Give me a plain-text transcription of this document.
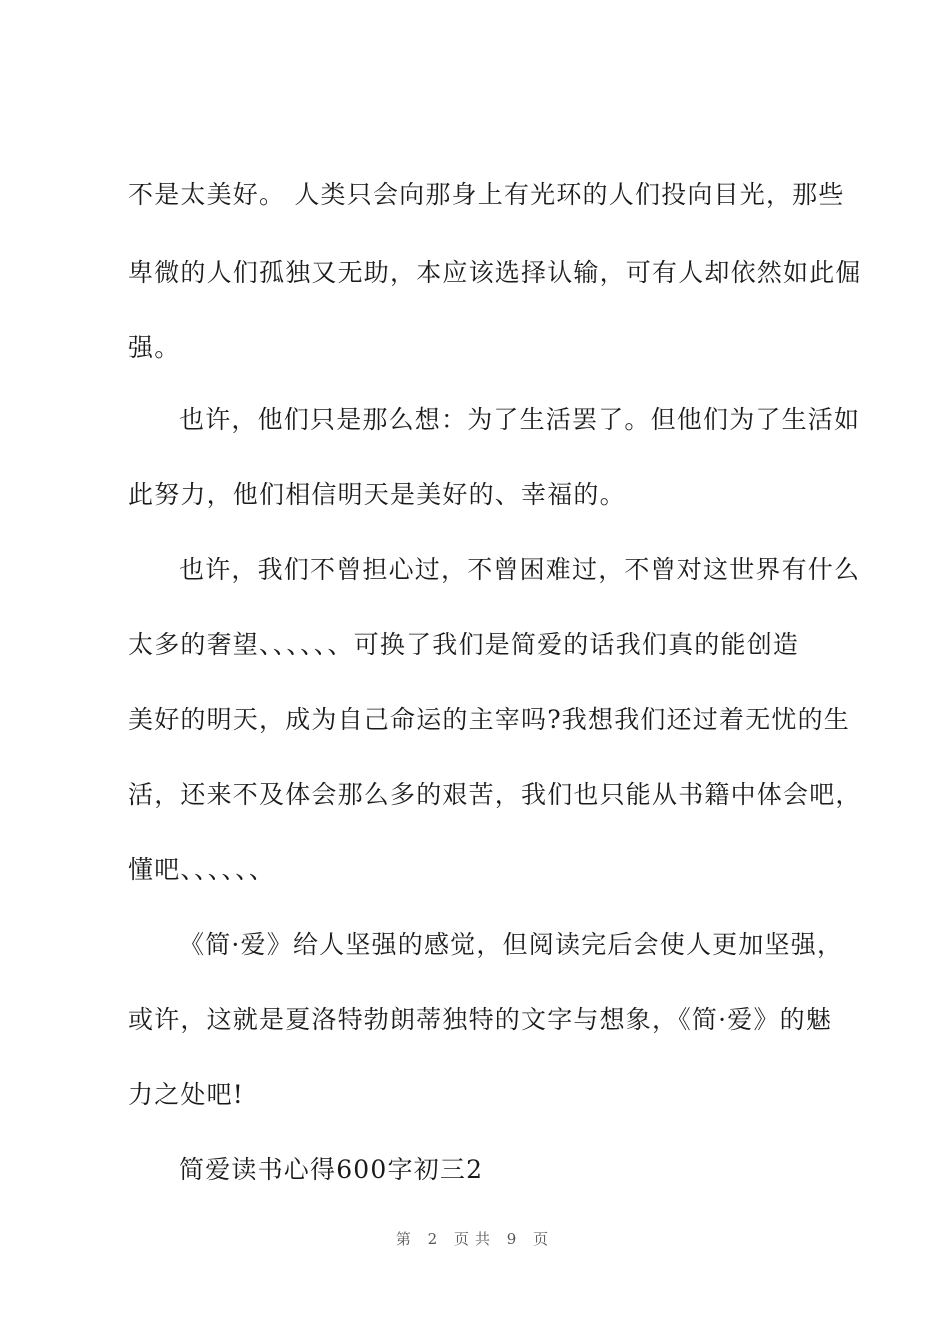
不是太美好。 人类只会向那身上有光环的人们投向目光，那些
卑微的人们孤独又无助，本应该选择认输，可有人却依然如此倔
强。
也许，他们只是那么想：为了生活罢了。但他们为了生活如
此努力，他们相信明天是美好的、幸福的。
也许，我们不曾担心过，不曾困难过，不曾对这世界有什么
太多的奢望、、、、、、可换了我们是简爱的话我们真的能创造
美好的明天，成为自己命运的主宰吗?我想我们还过着无忧的生
活，还来不及体会那么多的艰苦，我们也只能从书籍中体会吧，
懂吧、、、、、、
《简·爱》给人坚强的感觉，但阅读完后会使人更加坚强，
或许，这就是夏洛特勃朗蒂独特的文字与想象，《简·爱》的魅
力之处吧!
简爱读书心得600字初三2
第 2 页共 9 页
